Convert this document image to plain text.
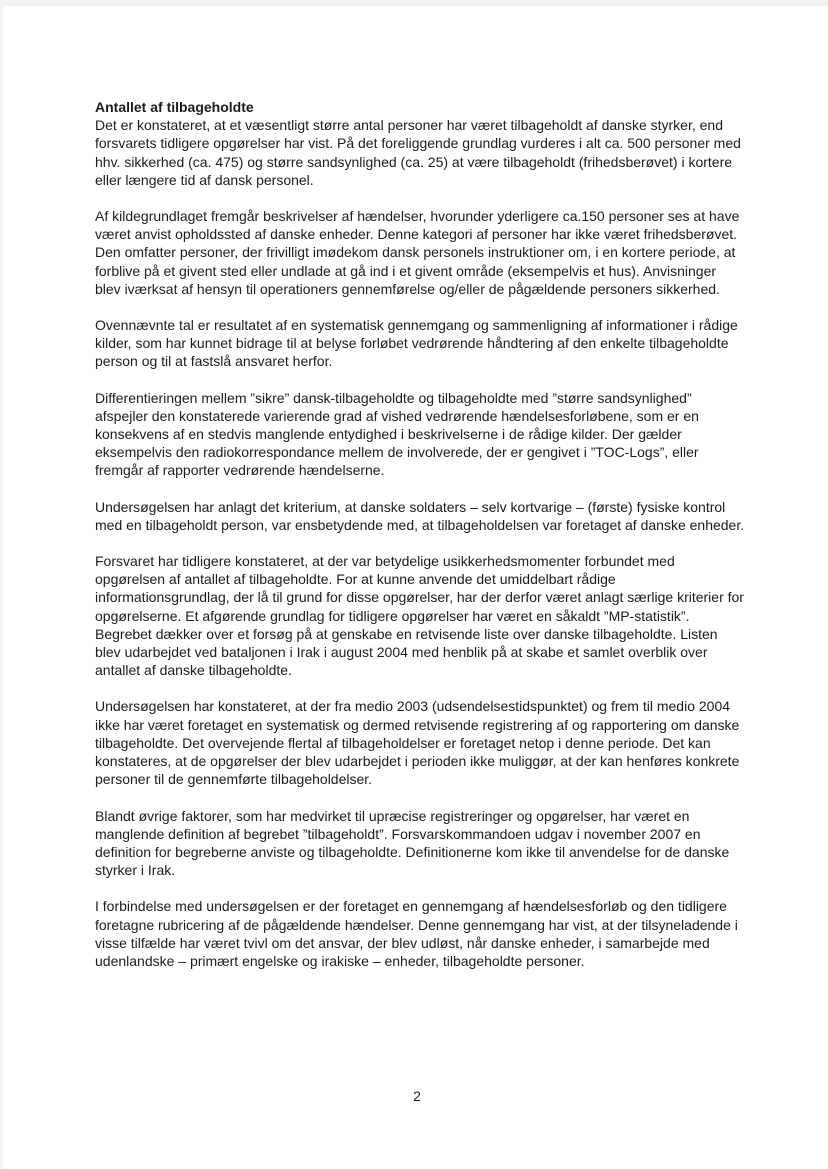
Antallet af tilbageholdte
Det er konstateret, at et væsentligt større antal personer har været tilbageholdt af danske styrker, end forsvarets tidligere opgørelser har vist. På det foreliggende grundlag vurderes i alt ca. 500 personer med hhv. sikkerhed (ca. 475) og større sandsynlighed (ca. 25) at være tilbageholdt (frihedsberøvet) i kortere eller længere tid af dansk personel.
Af kildegrundlaget fremgår beskrivelser af hændelser, hvorunder yderligere ca.150 personer ses at have været anvist opholdssted af danske enheder. Denne kategori af personer har ikke været frihedsberøvet. Den omfatter personer, der frivilligt imødekom dansk personels instruktioner om, i en kortere periode, at forblive på et givent sted eller undlade at gå ind i et givent område (eksempelvis et hus). Anvisninger blev iværksat af hensyn til operationers gennemførelse og/eller de pågældende personers sikkerhed.
Ovennævnte tal er resultatet af en systematisk gennemgang og sammenligning af informationer i rådige kilder, som har kunnet bidrage til at belyse forløbet vedrørende håndtering af den enkelte tilbageholdte person og til at fastslå ansvaret herfor.
Differentieringen mellem ”sikre” dansk-tilbageholdte og tilbageholdte med ”større sandsynlighed” afspejler den konstaterede varierende grad af vished vedrørende hændelsesforløbene, som er en konsekvens af en stedvis manglende entydighed i beskrivelserne i de rådige kilder. Der gælder eksempelvis den radiokorrespondance mellem de involverede, der er gengivet i ”TOC-Logs”, eller fremgår af rapporter vedrørende hændelserne.
Undersøgelsen har anlagt det kriterium, at danske soldaters – selv kortvarige – (første) fysiske kontrol med en tilbageholdt person, var ensbetydende med, at tilbageholdelsen var foretaget af danske enheder.
Forsvaret har tidligere konstateret, at der var betydelige usikkerhedsmomenter forbundet med opgørelsen af antallet af tilbageholdte. For at kunne anvende det umiddelbart rådige informationsgrundlag, der lå til grund for disse opgørelser, har der derfor været anlagt særlige kriterier for opgørelserne. Et afgørende grundlag for tidligere opgørelser har været en såkaldt ”MP-statistik”. Begrebet dækker over et forsøg på at genskabe en retvisende liste over danske tilbageholdte. Listen blev udarbejdet ved bataljonen i Irak i august 2004 med henblik på at skabe et samlet overblik over antallet af danske tilbageholdte.
Undersøgelsen har konstateret, at der fra medio 2003 (udsendelsestidspunktet) og frem til medio 2004 ikke har været foretaget en systematisk og dermed retvisende registrering af og rapportering om danske tilbageholdte. Det overvejende flertal af tilbageholdelser er foretaget netop i denne periode. Det kan konstateres, at de opgørelser der blev udarbejdet i perioden ikke muliggør, at der kan henføres konkrete personer til de gennemførte tilbageholdelser.
Blandt øvrige faktorer, som har medvirket til upræcise registreringer og opgørelser, har været en manglende definition af begrebet ”tilbageholdt”. Forsvarskommandoen udgav i november 2007 en definition for begreberne anviste og tilbageholdte. Definitionerne kom ikke til anvendelse for de danske styrker i Irak.
I forbindelse med undersøgelsen er der foretaget en gennemgang af hændelsesforløb og den tidligere foretagne rubricering af de pågældende hændelser. Denne gennemgang har vist, at der tilsyneladende i visse tilfælde har været tvivl om det ansvar, der blev udløst, når danske enheder, i samarbejde med udenlandske – primært engelske og irakiske – enheder, tilbageholdte personer.
2
